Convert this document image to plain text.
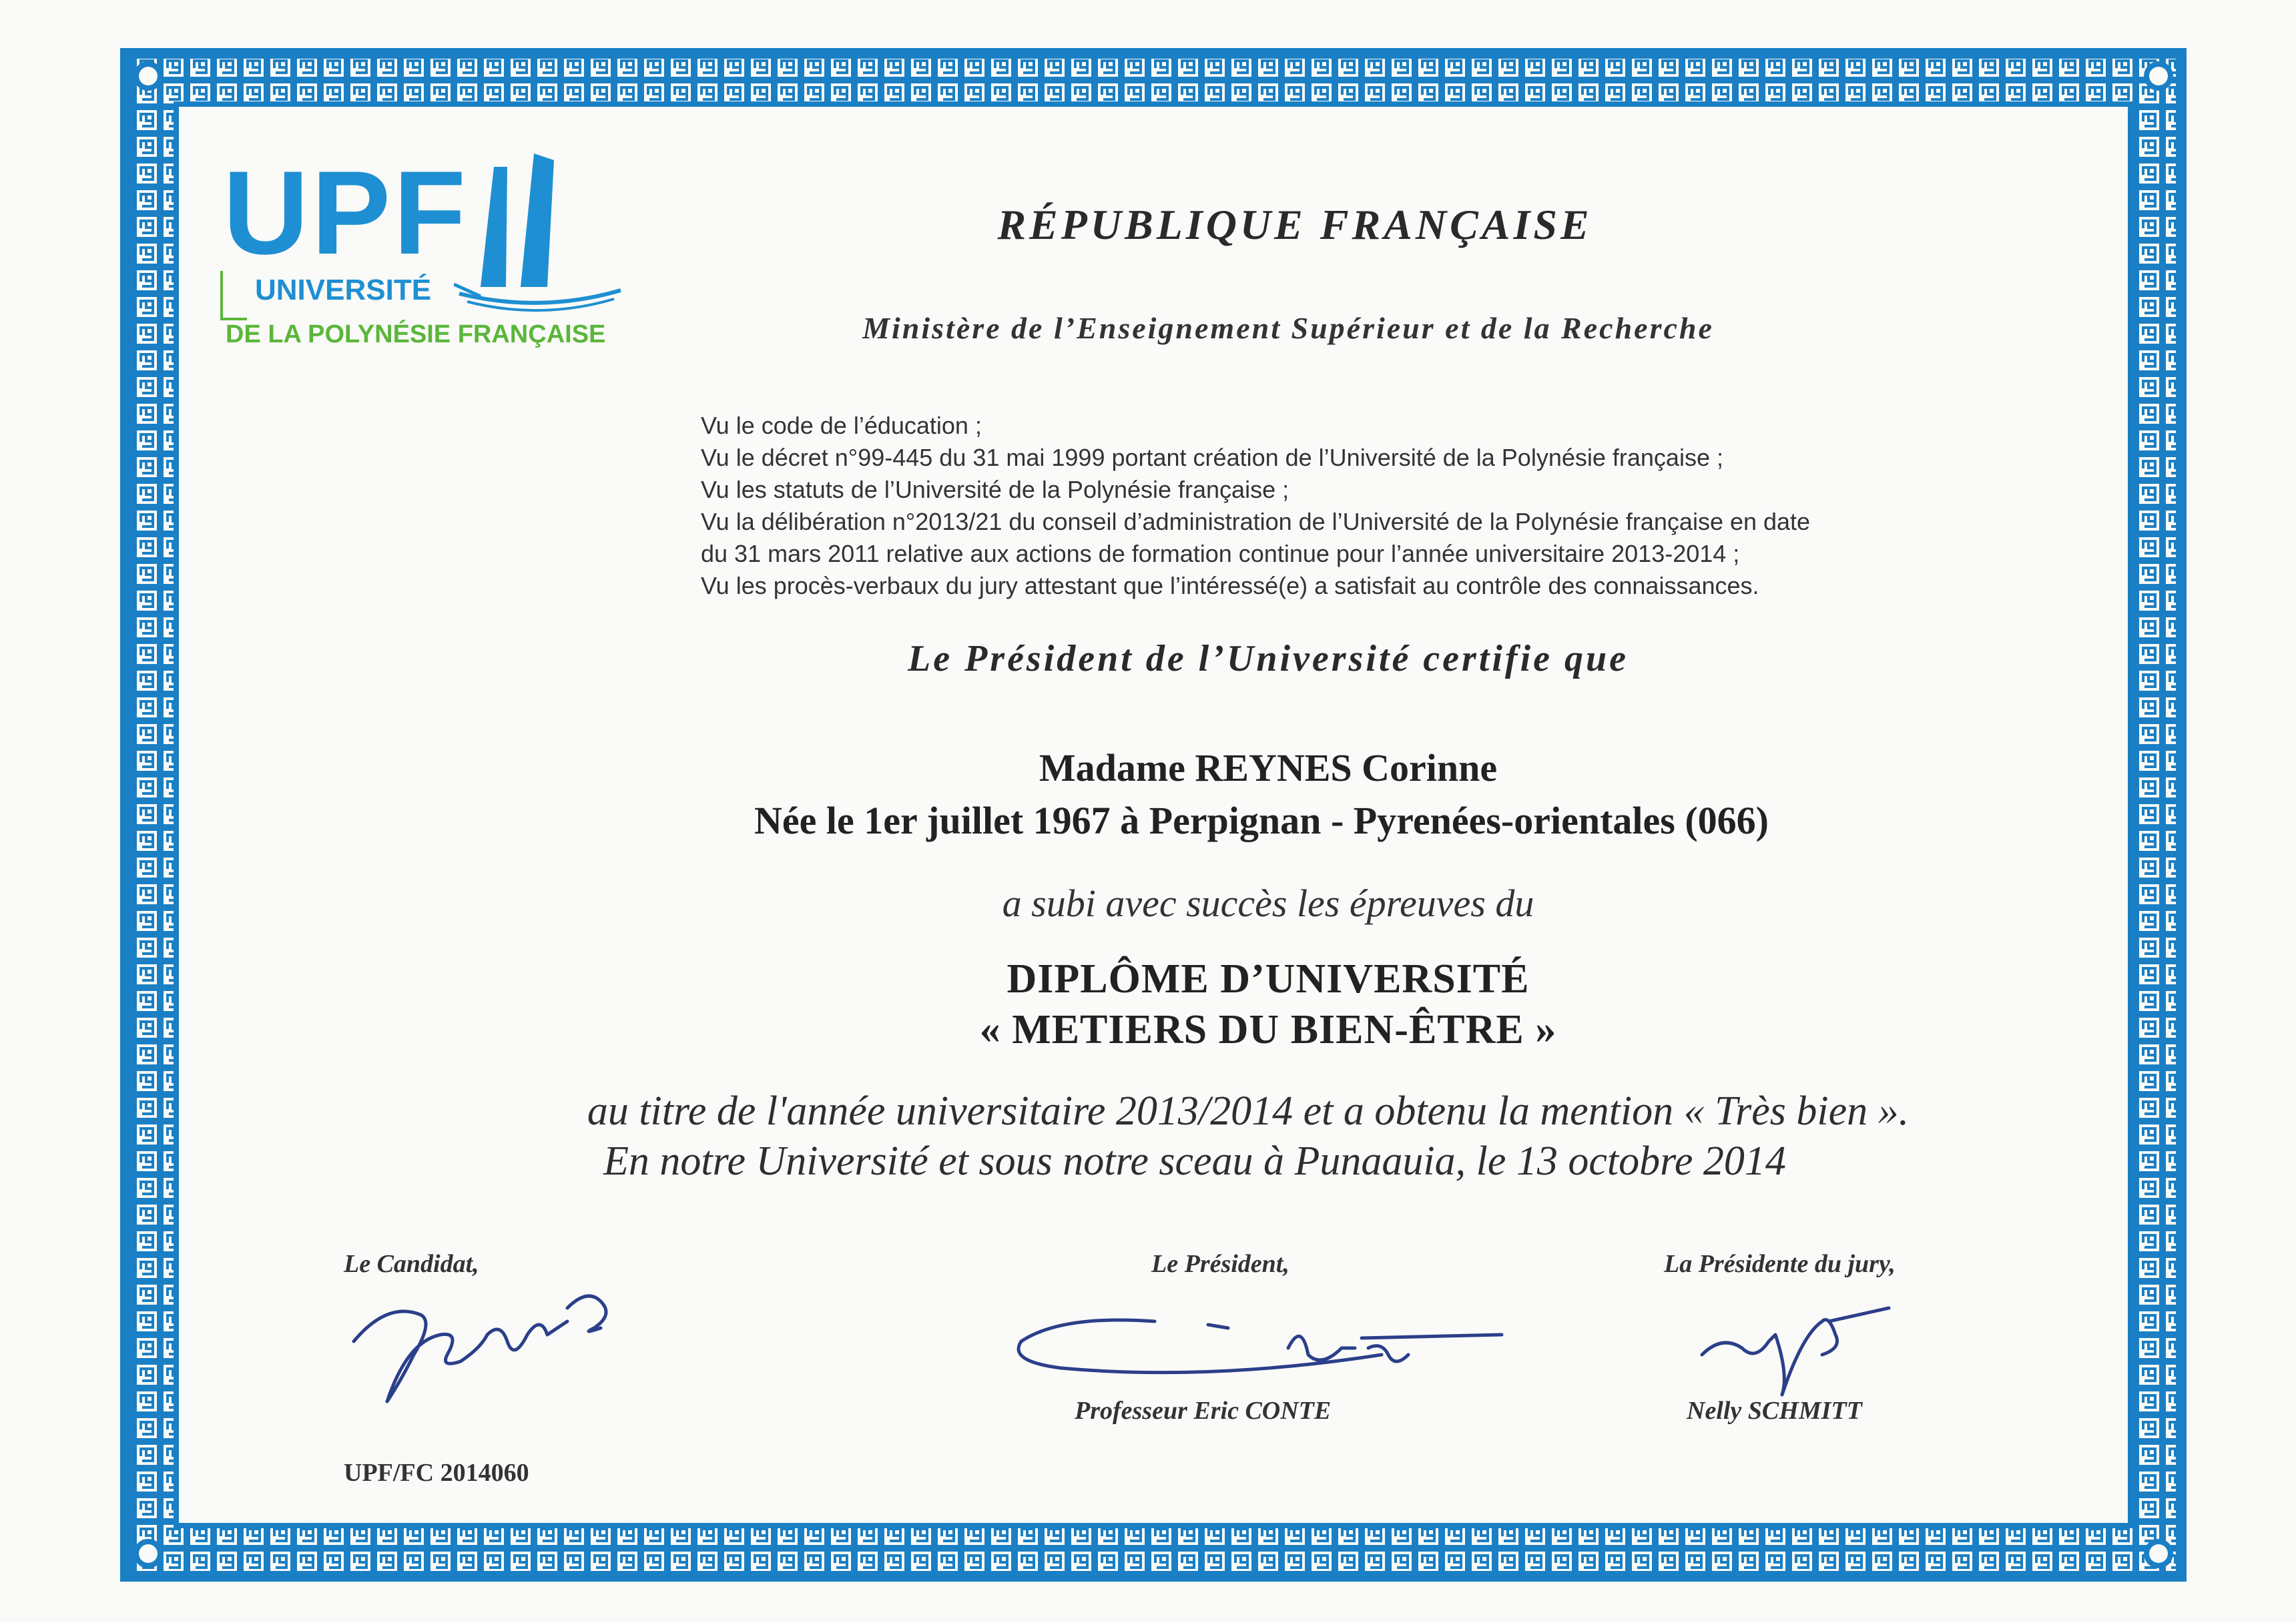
UPF
UNIVERSITÉ
DE LA POLYNÉSIE FRANÇAISE
RÉPUBLIQUE FRANÇAISE
Ministère de l’Enseignement Supérieur et de la Recherche
Vu le code de l’éducation ;
Vu le décret n°99-445 du 31 mai 1999 portant création de l’Université de la Polynésie française ;
Vu les statuts de l’Université de la Polynésie française ;
Vu la délibération n°2013/21 du conseil d’administration de l’Université de la Polynésie française en date
du 31 mars 2011 relative aux actions de formation continue pour l’année universitaire 2013-2014 ;
Vu les procès-verbaux du jury attestant que l’intéressé(e) a satisfait au contrôle des connaissances.
Le Président de l’Université certifie que
Madame REYNES Corinne
Née le 1er juillet 1967 à Perpignan - Pyrenées-orientales (066)
a subi avec succès les épreuves du
DIPLÔME D’UNIVERSITÉ
« METIERS DU BIEN-ÊTRE »
au titre de l'année universitaire 2013/2014 et a obtenu la mention « Très bien ».
En notre Université et sous notre sceau à Punaauia, le 13 octobre 2014
Le Candidat,	Le Président,	La Présidente du jury,
Professeur Eric CONTE	Nelly SCHMITT
UPF/FC 2014060
